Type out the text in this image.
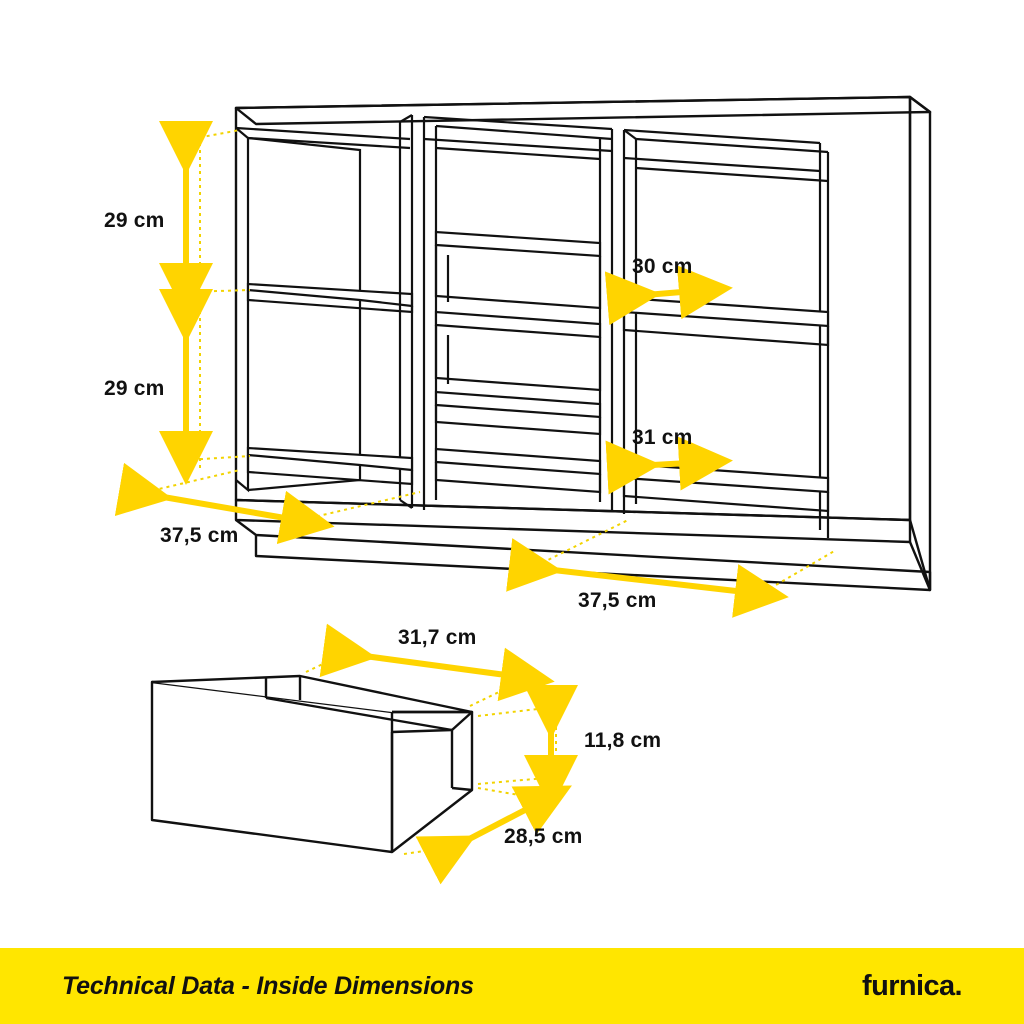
29 cm
29 cm
37,5 cm
30 cm
31 cm
37,5 cm
31,7 cm
11,8 cm
28,5 cm
Technical Data - Inside Dimensions	furnica.
